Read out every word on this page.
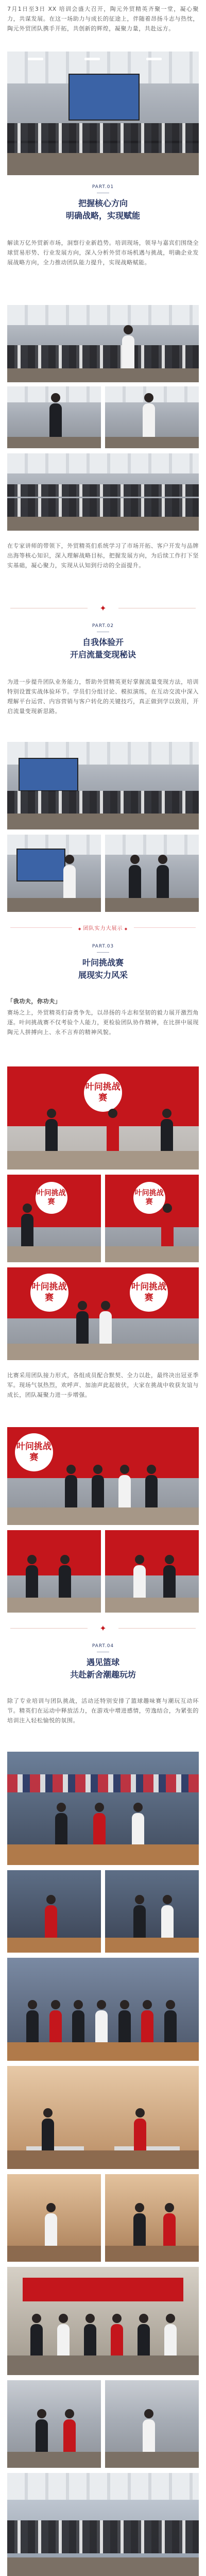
7月1日至3日 XX 培训会盛大召开，陶元外贸精英齐聚一堂，凝心聚力，共谋发展。在这一场助力与成长的征途上，伴随着昂扬斗志与热忱，陶元外贸团队携手开拓，共创新的辉煌，凝聚力量，共赴远方。

PART.01

把握核心方向

明确战略，实现赋能

解读万亿外贸新市场，洞察行业新趋势。培训现场，领导与嘉宾们围绕全球贸易形势、行业发展方向，深入分析外贸市场机遇与挑战，明确企业发展战略方向，全力推动团队能力提升，实现战略赋能。

在专家讲师的带领下，外贸精英们系统学习了市场开拓、客户开发与品牌出海等核心知识，深入理解战略目标，把握发展方向，为后续工作打下坚实基础，凝心聚力，实现从认知到行动的全面提升。

✦
PART.02

自我体验开

开启流量变现秘诀

为进一步提升团队业务能力，帮助外贸精英更好掌握流量变现方法，培训特别设置实战体验环节。学员们分组讨论、模拟演练，在互动交流中深入理解平台运营、内容营销与客户转化的关键技巧，真正做到学以致用，开启流量变现新思路。

◆ 团队实力大展示 ◆
PART.03

叶问挑战赛

展现实力风采

「我功夫，你功夫」

赛场之上，外贸精英们奋勇争先，以昂扬的斗志和坚韧的毅力展开激烈角逐。叶问挑战赛不仅考验个人能力，更检验团队协作精神，在比拼中展现陶元人拼搏向上、永不言弃的精神风貌。

叶问挑战赛
叶问挑战赛
叶问挑战赛
叶问挑战赛
叶问挑战赛

比赛采用团队接力形式，各组成员配合默契、全力以赴，最终决出冠亚季军。现场气氛热烈，欢呼声、加油声此起彼伏，大家在挑战中收获友谊与成长，团队凝聚力进一步增强。

叶问挑战赛
✦
PART.04

遇见篮球

共赴新舍潮趣玩坊

除了专业培训与团队挑战，活动还特别安排了篮球趣味赛与潮玩互动环节。精英们在运动中释放活力，在游戏中增进感情，劳逸结合，为紧张的培训注入轻松愉悦的氛围。
